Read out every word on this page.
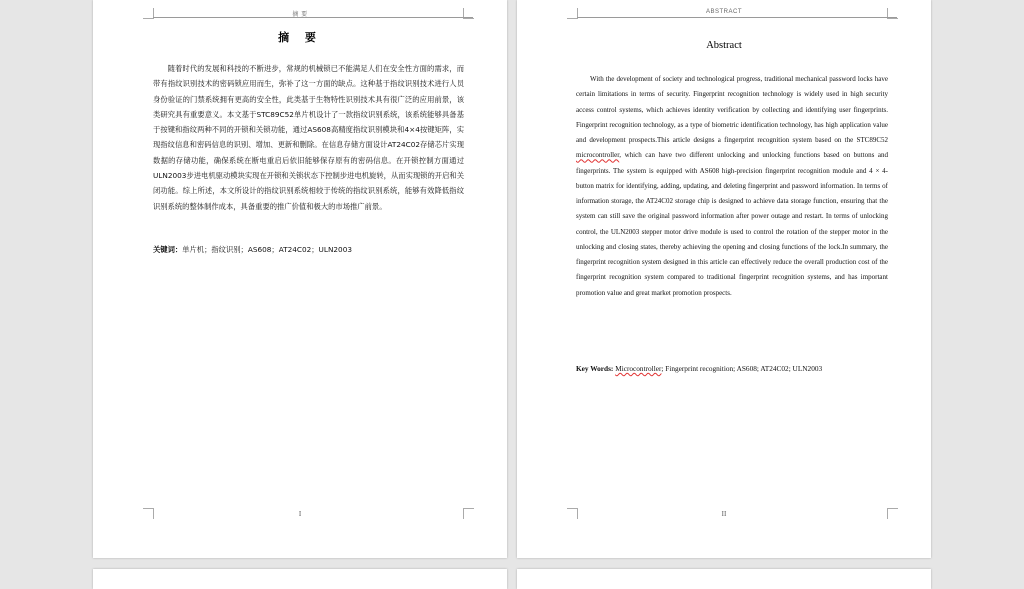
摘 要
摘 要

随着时代的发展和科技的不断进步，常规的机械锁已不能满足人们在安全性方面的需求，而带有指纹识别技术的密码锁应用而生，弥补了这一方面的缺点。这种基于指纹识别技术进行人员身份验证的门禁系统拥有更高的安全性，此类基于生物特性识别技术具有很广泛的应用前景，该类研究具有重要意义。本文基于STC89C52单片机设计了一款指纹识别系统，该系统能够具备基于按键和指纹两种不同的开锁和关锁功能，通过AS608高精度指纹识别模块和4×4按键矩阵，实现指纹信息和密码信息的识别、增加、更新和删除。在信息存储方面设计AT24C02存储芯片实现数据的存储功能，确保系统在断电重启后依旧能够保存原有的密码信息。在开锁控制方面通过ULN2003步进电机驱动模块实现在开锁和关锁状态下控制步进电机旋转，从而实现锁的开启和关闭功能。综上所述，本文所设计的指纹识别系统相较于传统的指纹识别系统，能够有效降低指纹识别系统的整体制作成本，具备重要的推广价值和极大的市场推广前景。

关键词：单片机；指纹识别；AS608；AT24C02；ULN2003

I
ABSTRACT
Abstract

With the development of society and technological progress, traditional mechanical password locks have certain limitations in terms of security. Fingerprint recognition technology is widely used in high security access control systems, which achieves identity verification by collecting and identifying user fingerprints. Fingerprint recognition technology, as a type of biometric identification technology, has high application value and development prospects.This article designs a fingerprint recognition system based on the STC89C52 microcontroller, which can have two different unlocking and unlocking functions based on buttons and fingerprints. The system is equipped with AS608 high-precision fingerprint recognition module and 4 × 4-button matrix for identifying, adding, updating, and deleting fingerprint and password information. In terms of information storage, the AT24C02 storage chip is designed to achieve data storage function, ensuring that the system can still save the original password information after power outage and restart. In terms of unlocking control, the ULN2003 stepper motor drive module is used to control the rotation of the stepper motor in the unlocking and closing states, thereby achieving the opening and closing functions of the lock.In summary, the fingerprint recognition system designed in this article can effectively reduce the overall production cost of the fingerprint recognition system compared to traditional fingerprint recognition systems, and has important promotion value and great market promotion prospects.

Key Words: Microcontroller; Fingerprint recognition; AS608; AT24C02; ULN2003

II
